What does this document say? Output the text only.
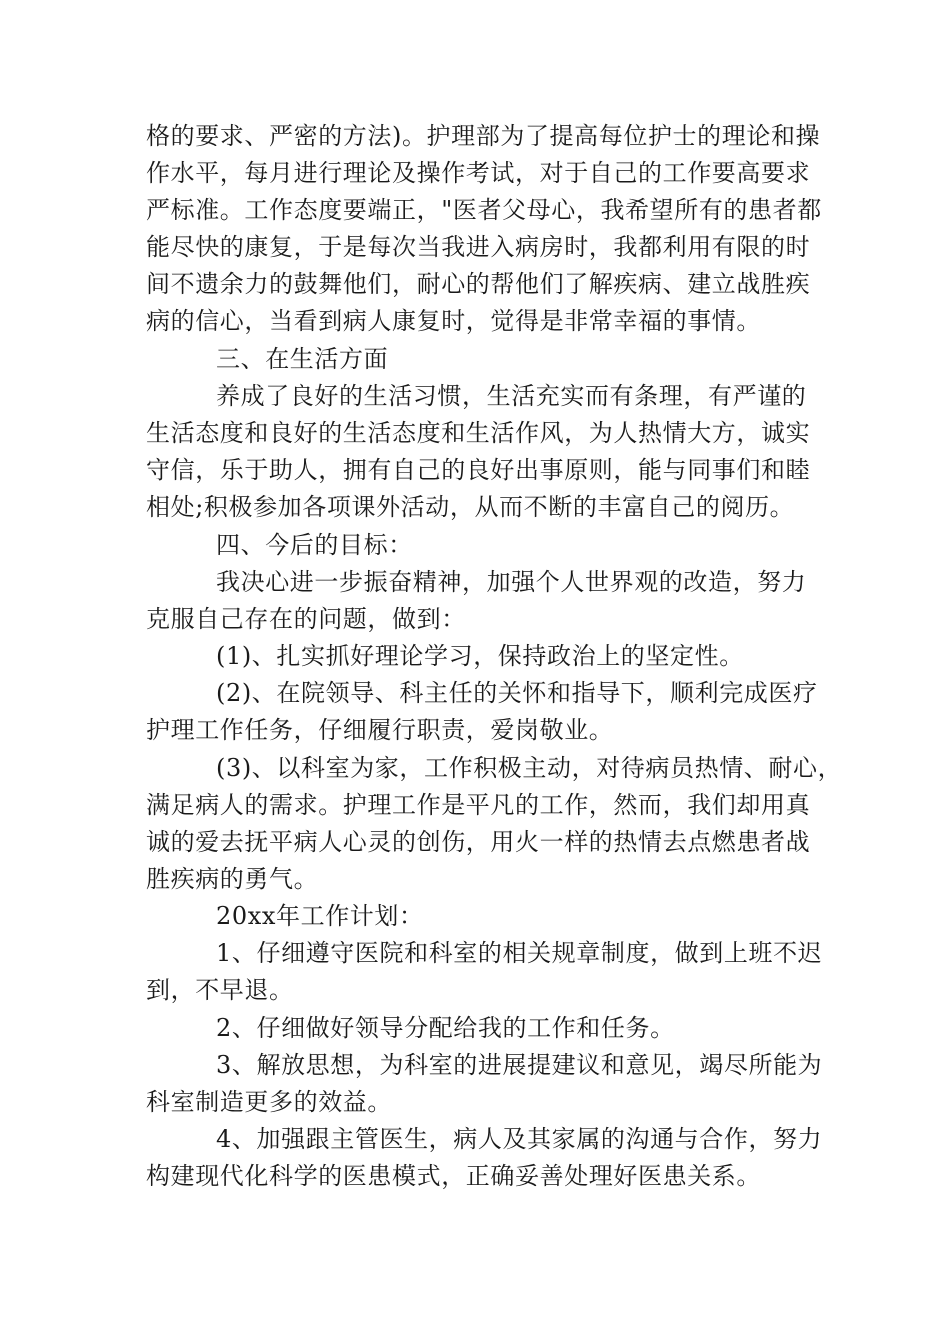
格的要求、严密的方法)。护理部为了提高每位护士的理论和操
作水平，每月进行理论及操作考试，对于自己的工作要高要求
严标准。工作态度要端正，"医者父母心，我希望所有的患者都
能尽快的康复，于是每次当我进入病房时，我都利用有限的时
间不遗余力的鼓舞他们，耐心的帮他们了解疾病、建立战胜疾
病的信心，当看到病人康复时，觉得是非常幸福的事情。
三、在生活方面
养成了良好的生活习惯，生活充实而有条理，有严谨的
生活态度和良好的生活态度和生活作风，为人热情大方，诚实
守信，乐于助人，拥有自己的良好出事原则，能与同事们和睦
相处;积极参加各项课外活动，从而不断的丰富自己的阅历。
四、今后的目标：
我决心进一步振奋精神，加强个人世界观的改造，努力
克服自己存在的问题，做到：
(1)、扎实抓好理论学习，保持政治上的坚定性。
(2)、在院领导、科主任的关怀和指导下，顺利完成医疗
护理工作任务，仔细履行职责，爱岗敬业。
(3)、以科室为家，工作积极主动，对待病员热情、耐心，
满足病人的需求。护理工作是平凡的工作，然而，我们却用真
诚的爱去抚平病人心灵的创伤，用火一样的热情去点燃患者战
胜疾病的勇气。
20xx年工作计划：
1、仔细遵守医院和科室的相关规章制度，做到上班不迟
到，不早退。
2、仔细做好领导分配给我的工作和任务。
3、解放思想，为科室的进展提建议和意见，竭尽所能为
科室制造更多的效益。
4、加强跟主管医生，病人及其家属的沟通与合作，努力
构建现代化科学的医患模式，正确妥善处理好医患关系。
